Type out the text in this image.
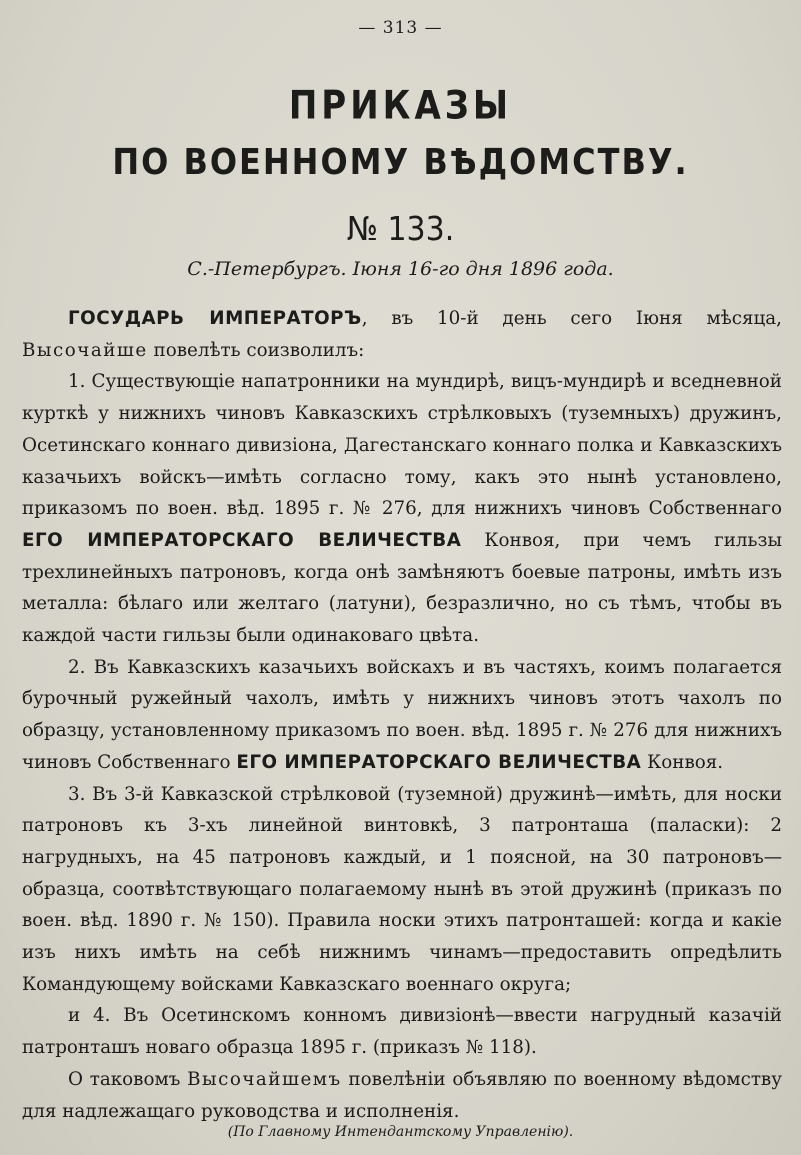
— 313 —
ПРИКАЗЫ
ПО ВОЕННОМУ ВѢДОМСТВУ.
№ 133.
С.-Петербургъ. Іюня 16-го дня 1896 года.

ГОСУДАРЬ ИМПЕРАТОРЪ, въ 10-й день сего Іюня мѣсяца, Высочайше повелѣть соизволилъ:

1. Существующіе напатронники на мундирѣ, вицъ-мундирѣ и вседневной курткѣ у нижнихъ чиновъ Кавказскихъ стрѣлковыхъ (туземныхъ) дружинъ, Осетинскаго коннаго дивизіона, Дагестанскаго коннаго полка и Кавказскихъ казачьихъ войскъ—имѣть согласно тому, какъ это нынѣ установлено, приказомъ по воен. вѣд. 1895 г. № 276, для нижнихъ чиновъ Собственнаго ЕГО ИМПЕРАТОРСКАГО ВЕЛИЧЕСТВА Конвоя, при чемъ гильзы трехлинейныхъ патроновъ, когда онѣ замѣняютъ боевые патроны, имѣть изъ металла: бѣлаго или желтаго (латуни), безразлично, но съ тѣмъ, чтобы въ каждой части гильзы были одинаковаго цвѣта.

2. Въ Кавказскихъ казачьихъ войскахъ и въ частяхъ, коимъ полагается бурочный ружейный чахолъ, имѣть у нижнихъ чиновъ этотъ чахолъ по образцу, установленному приказомъ по воен. вѣд. 1895 г. № 276 для нижнихъ чиновъ Собственнаго ЕГО ИМПЕРАТОРСКАГО ВЕЛИЧЕСТВА Конвоя.

3. Въ 3-й Кавказской стрѣлковой (туземной) дружинѣ—имѣть, для носки патроновъ къ 3-хъ линейной винтовкѣ, 3 патронташа (паласки): 2 нагрудныхъ, на 45 патроновъ каждый, и 1 поясной, на 30 патроновъ—образца, соотвѣтствующаго полагаемому нынѣ въ этой дружинѣ (приказъ по воен. вѣд. 1890 г. № 150). Правила носки этихъ патронташей: когда и какіе изъ нихъ имѣть на себѣ нижнимъ чинамъ—предоставить опредѣлить Командующему войсками Кавказскаго военнаго округа;

и 4. Въ Осетинскомъ конномъ дивизіонѣ—ввести нагрудный казачій патронташъ новаго образца 1895 г. (приказъ № 118).

О таковомъ Высочайшемъ повелѣніи объявляю по военному вѣдомству для надлежащаго руководства и исполненія.

(По Главному Интендантскому Управленію).
